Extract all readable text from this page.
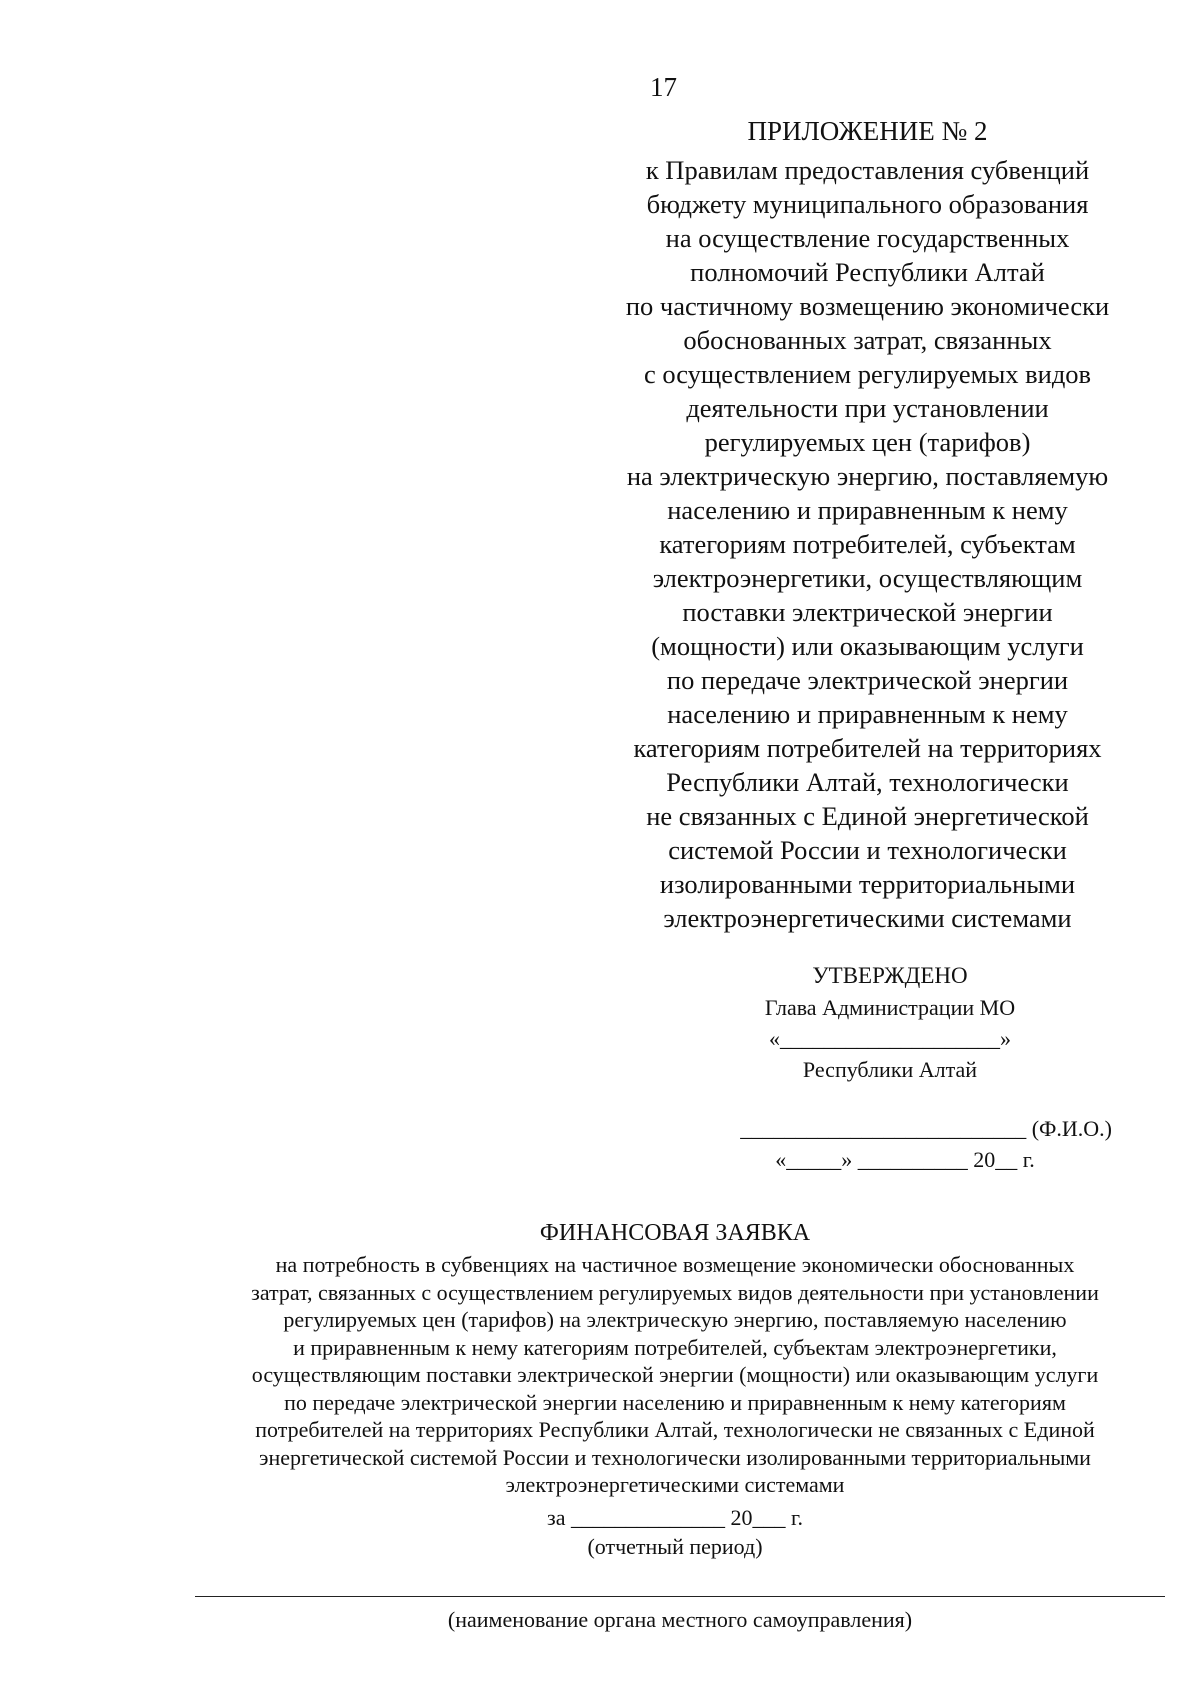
17
ПРИЛОЖЕНИЕ № 2
к Правилам предоставления субвенций
бюджету муниципального образования
на осуществление государственных
полномочий Республики Алтай
по частичному возмещению экономически
обоснованных затрат, связанных
с осуществлением регулируемых видов
деятельности при установлении
регулируемых цен (тарифов)
на электрическую энергию, поставляемую
населению и приравненным к нему
категориям потребителей, субъектам
электроэнергетики, осуществляющим
поставки электрической энергии
(мощности) или оказывающим услуги
по передаче электрической энергии
населению и приравненным к нему
категориям потребителей на территориях
Республики Алтай, технологически
не связанных с Единой энергетической
системой России и технологически
изолированными территориальными
электроэнергетическими системами
УТВЕРЖДЕНО
Глава Администрации МО
«____________________»
Республики Алтай
__________________________ (Ф.И.О.)
«_____» __________ 20__ г.
ФИНАНСОВАЯ ЗАЯВКА
на потребность в субвенциях на частичное возмещение экономически обоснованных
затрат, связанных с осуществлением регулируемых видов деятельности при установлении
регулируемых цен (тарифов) на электрическую энергию, поставляемую населению
и приравненным к нему категориям потребителей, субъектам электроэнергетики,
осуществляющим поставки электрической энергии (мощности) или оказывающим услуги
по передаче электрической энергии населению и приравненным к нему категориям
потребителей на территориях Республики Алтай, технологически не связанных с Единой
энергетической системой России и технологически изолированными территориальными
электроэнергетическими системами
за ______________ 20___ г.
(отчетный период)
(наименование органа местного самоуправления)
